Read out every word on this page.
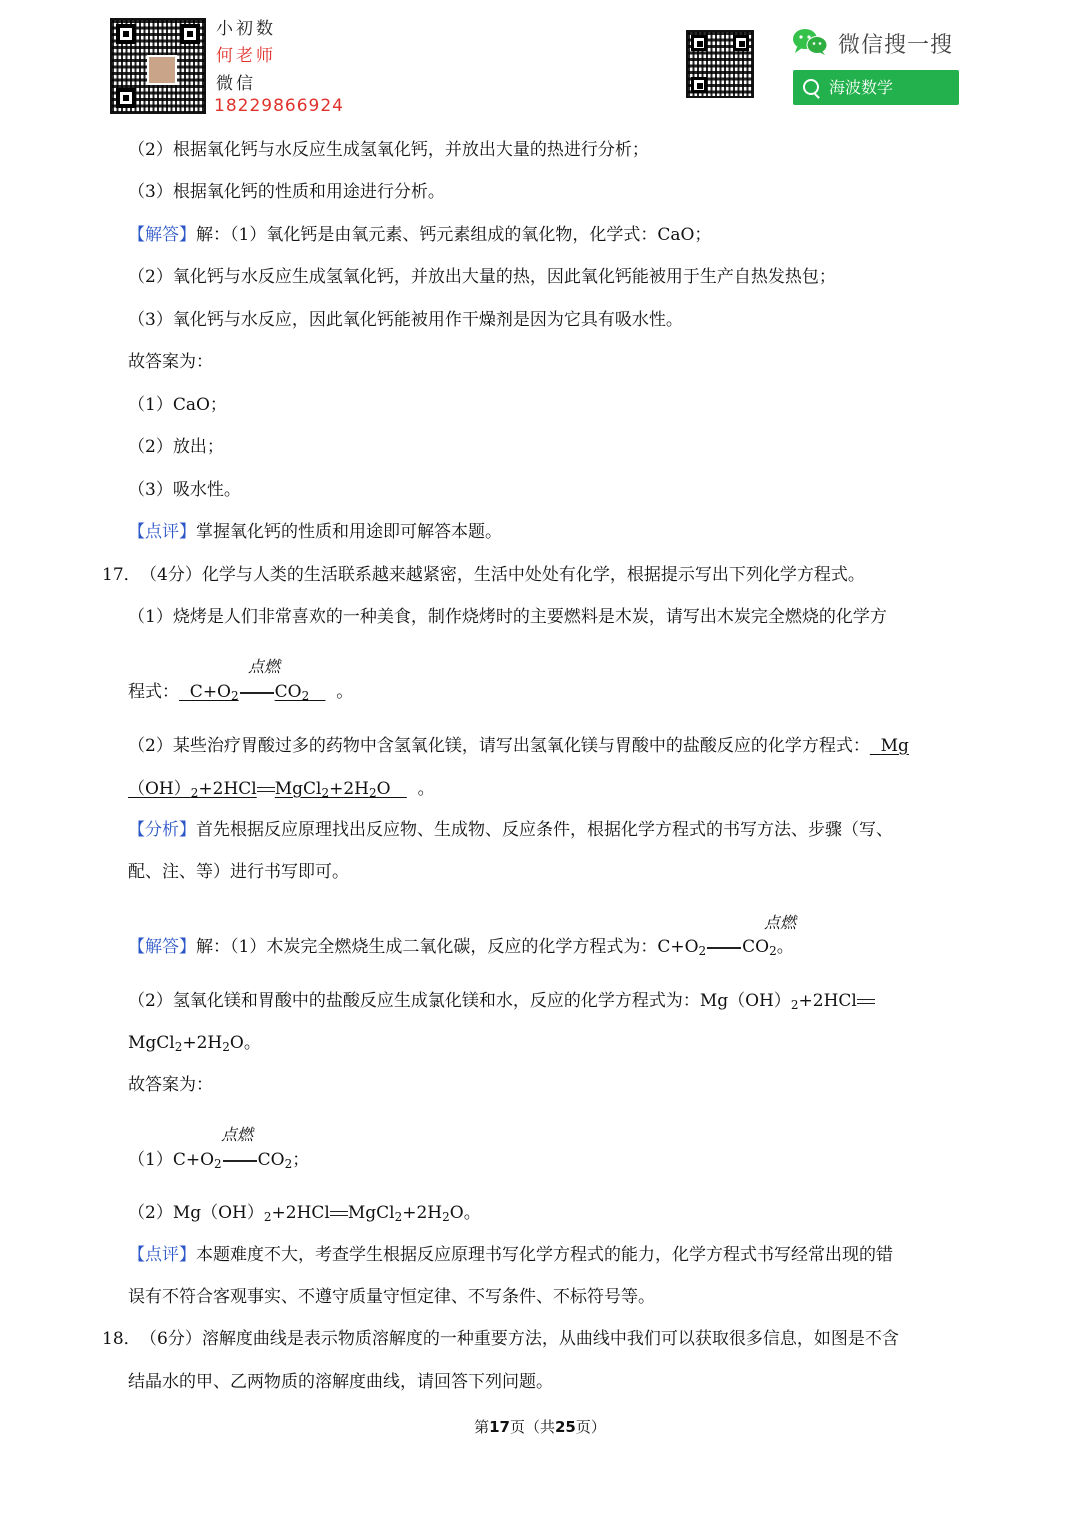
小初数
何老师
微信
18229866924
微信搜一搜
海波数学
（2）根据氧化钙与水反应生成氢氧化钙，并放出大量的热进行分析；
（3）根据氧化钙的性质和用途进行分析。
【解答】解：（1）氧化钙是由氧元素、钙元素组成的氧化物，化学式：CaO；
（2）氧化钙与水反应生成氢氧化钙，并放出大量的热，因此氧化钙能被用于生产自热发热包；
（3）氧化钙与水反应，因此氧化钙能被用作干燥剂是因为它具有吸水性。
故答案为：
（1）CaO；
（2）放出；
（3）吸水性。
【点评】掌握氧化钙的性质和用途即可解答本题。
17． （4分）化学与人类的生活联系越来越紧密，生活中处处有化学，根据提示写出下列化学方程式。
（1）烧烤是人们非常喜欢的一种美食，制作烧烤时的主要燃料是木炭，请写出木炭完全燃烧的化学方
点燃
程式：  $C+O_2$ $CO_2$ 。
（2）某些治疗胃酸过多的药物中含氢氧化镁，请写出氢氧化镁与胃酸中的盐酸反应的化学方程式： Mg
$(OH)_2+2HCl$ $MgCl_2+2H_2O$     。
【分析】首先根据反应原理找出反应物、生成物、反应条件，根据化学方程式的书写方法、步骤（写、
配、注、等）进行书写即可。
点燃
【解答】解：（1）木炭完全燃烧生成二氧化碳，反应的化学方程式为：$C+O_2$ $CO_2$。
（2）氢氧化镁和胃酸中的盐酸反应生成氯化镁和水，反应的化学方程式为：$Mg(OH)_2+2HCl$
$MgCl_2+2H_2O$。
故答案为：
点燃
$(1)C+O_2$ $CO_2$；
$(2)Mg(OH)_2+2HCl$ $MgCl_2+2H_2O$。
【点评】本题难度不大，考查学生根据反应原理书写化学方程式的能力，化学方程式书写经常出现的错
误有不符合客观事实、不遵守质量守恒定律、不写条件、不标符号等。
18． （6分）溶解度曲线是表示物质溶解度的一种重要方法，从曲线中我们可以获取很多信息，如图是不含
结晶水的甲、乙两物质的溶解度曲线，请回答下列问题。
第17页（共25页）
